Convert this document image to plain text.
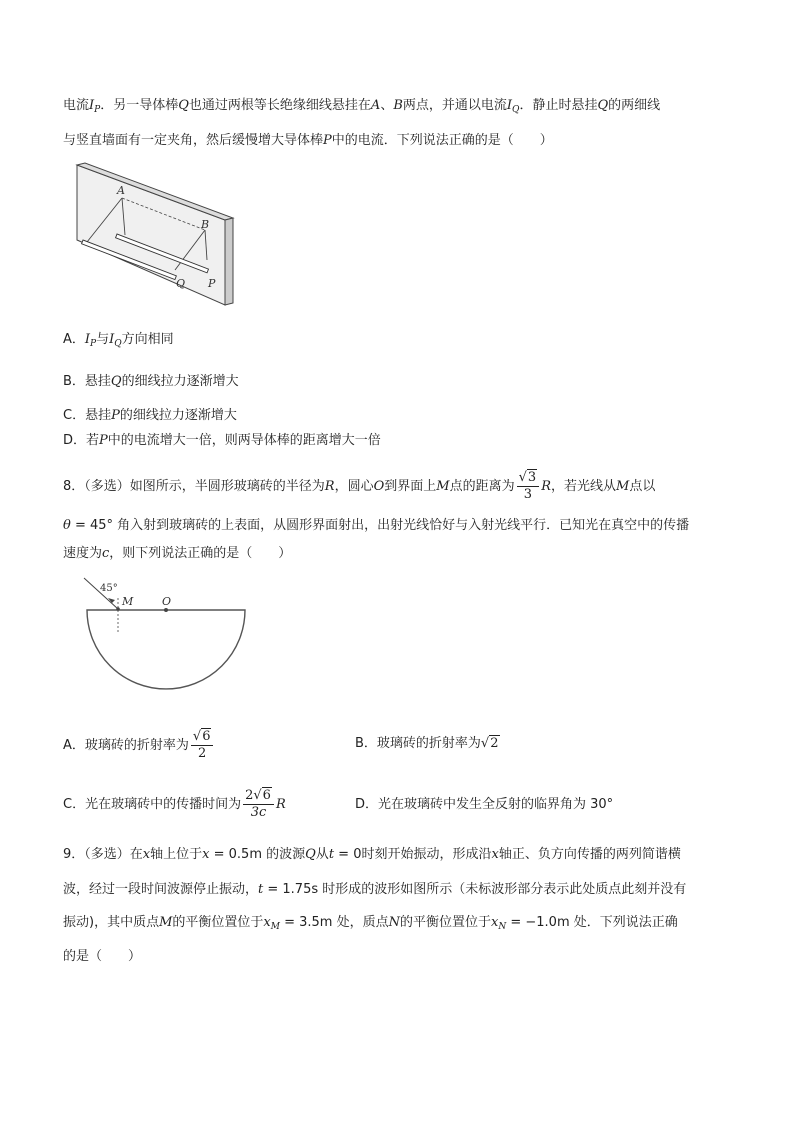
电流$I_P$．另一导体棒Q也通过两根等长绝缘细线悬挂在A、B两点，并通以电流$I_Q$．静止时悬挂Q的两细线
与竖直墙面有一定夹角，然后缓慢增大导体棒P中的电流．下列说法正确的是（　　）
A
B
Q P
A．$I_P$与$I_Q$方向相同
B．悬挂Q的细线拉力逐渐增大
C．悬挂P的细线拉力逐渐增大
D．若P中的电流增大一倍，则两导体棒的距离增大一倍
8．（多选）如图所示，半圆形玻璃砖的半径为R，圆心O到界面上M点的距离为 $\frac{√3}{3}$ R，若光线从M点以
θ = 45° 角入射到玻璃砖的上表面，从圆形界面射出，出射光线恰好与入射光线平行．已知光在真空中的传播
速度为c，则下列说法正确的是（　　）
45°
M	O
A．玻璃砖的折射率为 $\frac{√6}{2}$	B．玻璃砖的折射率为√2
C．光在玻璃砖中的传播时间为 $\frac{2√6}{3c}$ R	D．光在玻璃砖中发生全反射的临界角为 30°
9．（多选）在x轴上位于x = 0.5m 的波源Q从t = 0时刻开始振动，形成沿x轴正、负方向传播的两列简谐横
波，经过一段时间波源停止振动，t = 1.75s 时形成的波形如图所示（未标波形部分表示此处质点此刻并没有
振动)，其中质点M的平衡位置位于$x_M = 3.5m$ 处，质点N的平衡位置位于$x_N = -1.0m$ 处．下列说法正确
的是（　　）
